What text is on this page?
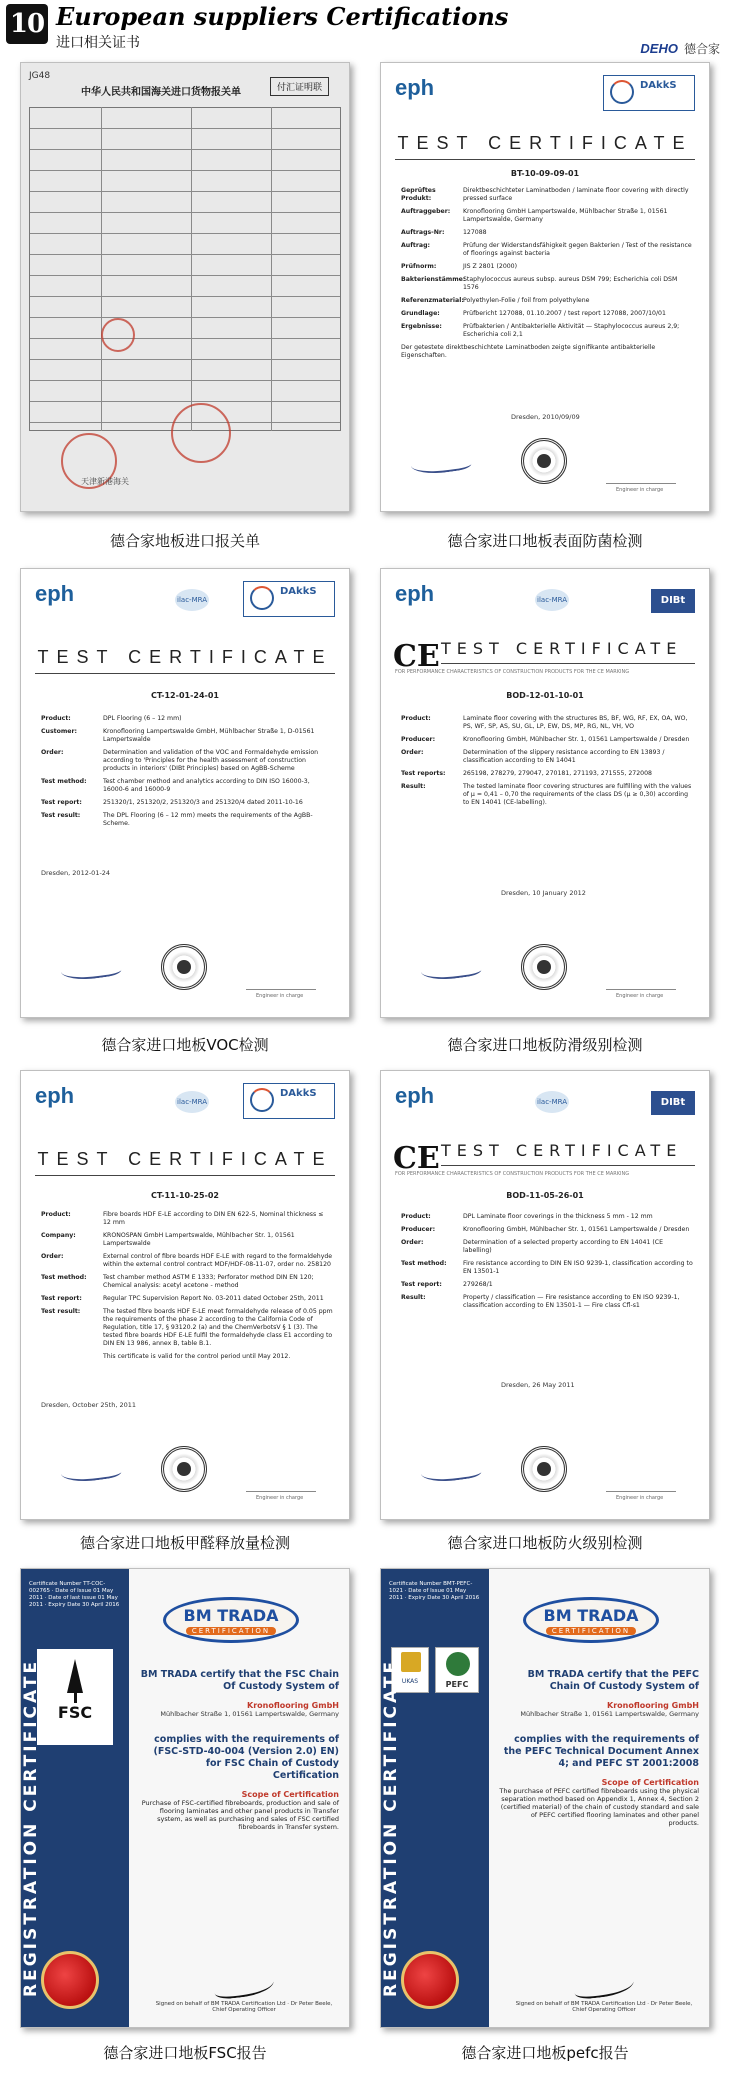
10 European suppliers Certifications
进口相关证书	DEHO 德合家
JG48
中华人民共和国海关进口货物报关单	付汇证明联
天津新港海关
德合家地板进口报关单
eph	DAkkS
TEST CERTIFICATE
BT-10-09-09-01
Geprüftes Produkt:
Direktbeschichteter Laminatboden / laminate floor covering with directly pressed surface
Auftraggeber:	Kronoflooring GmbH Lampertswalde, Mühlbacher Straße 1, 01561 Lampertswalde, Germany
Auftrags-Nr:	127088
Auftrag:	Prüfung der Widerstandsfähigkeit gegen Bakterien / Test of the resistance of floorings against bacteria
Prüfnorm:	JIS Z 2801 (2000)
Bakterienstämme:
Staphylococcus aureus subsp. aureus DSM 799; Escherichia coli DSM 1576
Referenzmaterial: Polyethylen-Folie / foil from polyethylene
Grundlage:	Prüfbericht 127088, 01.10.2007 / test report 127088, 2007/10/01
Ergebnisse:	Prüfbakterien / Antibakterielle Aktivität — Staphylococcus aureus 2,9; Escherichia coli 2,1
Der getestete direktbeschichtete Laminatboden zeigte signifikante antibakterielle Eigenschaften.
Dresden, 2010/09/09
Engineer in charge
德合家进口地板表面防菌检测
eph	ilac-MRA
DAkkS
TEST CERTIFICATE
CT-12-01-24-01
Product:	DPL Flooring (6 – 12 mm)
Customer:	Kronoflooring Lampertswalde GmbH, Mühlbacher Straße 1, D-01561 Lampertswalde
Order:	Determination and validation of the VOC and Formaldehyde emission according to 'Principles for the health assessment of construction products in interiors' (DIBt Principles) based on AgBB-Scheme
Test method:	Test chamber method and analytics according to DIN ISO 16000-3, 16000-6 and 16000-9
Test report:	251320/1, 251320/2, 251320/3 and 251320/4 dated 2011-10-16
Test result:	The DPL Flooring (6 – 12 mm) meets the requirements of the AgBB-Scheme.
Dresden, 2012-01-24
Engineer in charge
德合家进口地板VOC检测
eph	ilac-MRA	DIBt
CE TEST CERTIFICATE
FOR PERFORMANCE CHARACTERISTICS OF CONSTRUCTION PRODUCTS FOR THE CE MARKING
BOD-12-01-10-01
Product:	Laminate floor covering with the structures BS, BF, WG, RF, EX, OA, WO, PS, WF, SP, AS, SU, GL, LP, EW, DS, MP, RG, NL, VH, VO
Producer:	Kronoflooring GmbH, Mühlbacher Str. 1, 01561 Lampertswalde / Dresden
Order:	Determination of the slippery resistance according to EN 13893 / classification according to EN 14041
Test reports:	265198, 278279, 279047, 270181, 271193, 271555, 272008
Result:	The tested laminate floor covering structures are fulfilling with the values of μ = 0,41 – 0,70 the requirements of the class DS (μ ≥ 0,30) according to EN 14041 (CE-labelling).
Dresden, 10 January 2012
Engineer in charge
德合家进口地板防滑级别检测
eph	ilac-MRA
DAkkS
TEST CERTIFICATE
CT-11-10-25-02
Product:	Fibre boards HDF E-LE according to DIN EN 622-5, Nominal thickness ≤ 12 mm
Company:	KRONOSPAN GmbH Lampertswalde, Mühlbacher Str. 1, 01561 Lampertswalde
Order:	External control of fibre boards HDF E-LE with regard to the formaldehyde within the external control contract MDF/HDF-08-11-07, order no. 258120
Test method:	Test chamber method ASTM E 1333; Perforator method DIN EN 120; Chemical analysis: acetyl acetone - method
Test report:	Regular TPC Supervision Report No. 03-2011 dated October 25th, 2011
Test result:	The tested fibre boards HDF E-LE meet formaldehyde release of 0.05 ppm the requirements of the phase 2 according to the California Code of Regulation, title 17, § 93120.2 (a) and the ChemVerbotsV § 1 (3). The tested fibre boards HDF E-LE fulfil the formaldehyde class E1 according to DIN EN 13 986, annex B, table B.1.
This certificate is valid for the control period until May 2012.
Dresden, October 25th, 2011
Engineer in charge
德合家进口地板甲醛释放量检测
eph	ilac-MRA	DIBt
CE TEST CERTIFICATE
FOR PERFORMANCE CHARACTERISTICS OF CONSTRUCTION PRODUCTS FOR THE CE MARKING
BOD-11-05-26-01
Product:	DPL Laminate floor coverings in the thickness 5 mm - 12 mm
Producer:	Kronoflooring GmbH, Mühlbacher Str. 1, 01561 Lampertswalde / Dresden
Order:	Determination of a selected property according to EN 14041 (CE labelling)
Test method:	Fire resistance according to DIN EN ISO 9239-1, classification according to EN 13501-1
Test report:	279268/1
Result:	Property / classification — Fire resistance according to EN ISO 9239-1, classification according to EN 13501-1 — Fire class Cfl-s1
Dresden, 26 May 2011
Engineer in charge
德合家进口地板防火级别检测
Certificate Number TT-COC-002765 · Date of Issue 01 May 2011 · Date of last issue 01 May 2011 · Expiry Date 30 April 2016
FSC
REGISTRATION CERTIFICATE
BM TRADA
CERTIFICATION
BM TRADA certify that the FSC Chain Of Custody System of
Kronoflooring GmbH
Mühlbacher Straße 1, 01561 Lampertswalde, Germany
complies with the requirements of (FSC-STD-40-004 (Version 2.0) EN) for FSC Chain of Custody Certification
Scope of Certification
Purchase of FSC-certified fibreboards, production and sale of flooring laminates and other panel products in Transfer system, as well as purchasing and sales of FSC certified fibreboards in Transfer system.
Signed on behalf of BM TRADA Certification Ltd · Dr Peter Beele, Chief Operating Officer
德合家进口地板FSC报告
Certificate Number BMT-PEFC-1021 · Date of Issue 01 May 2011 · Expiry Date 30 April 2016
UKAS	PEFC
REGISTRATION CERTIFICATE
BM TRADA
CERTIFICATION
BM TRADA certify that the PEFC Chain Of Custody System of
Kronoflooring GmbH
Mühlbacher Straße 1, 01561 Lampertswalde, Germany
complies with the requirements of the PEFC Technical Document Annex 4; and PEFC ST 2001:2008
Scope of Certification
The purchase of PEFC certified fibreboards using the physical separation method based on Appendix 1, Annex 4, Section 2 (certified material) of the chain of custody standard and sale of PEFC certified flooring laminates and other panel products.
Signed on behalf of BM TRADA Certification Ltd · Dr Peter Beele, Chief Operating Officer
德合家进口地板pefc报告
